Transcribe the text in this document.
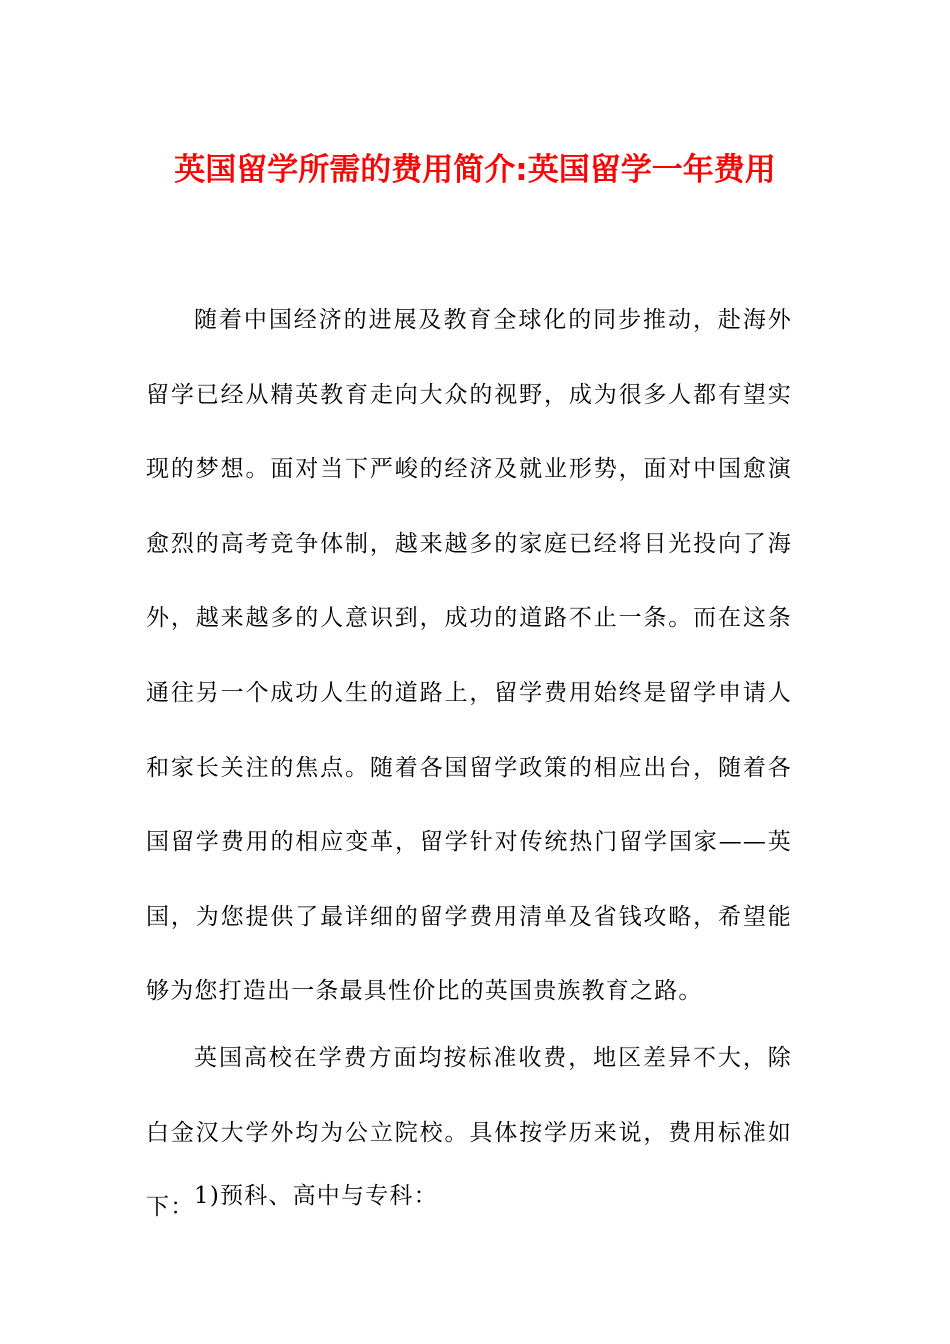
英国留学所需的费用简介:英国留学一年费用

随着中国经济的进展及教育全球化的同步推动，赴海外留学已经从精英教育走向大众的视野，成为很多人都有望实现的梦想。面对当下严峻的经济及就业形势，面对中国愈演愈烈的高考竞争体制，越来越多的家庭已经将目光投向了海外，越来越多的人意识到，成功的道路不止一条。而在这条通往另一个成功人生的道路上，留学费用始终是留学申请人和家长关注的焦点。随着各国留学政策的相应出台，随着各国留学费用的相应变革，留学针对传统热门留学国家——英国，为您提供了最详细的留学费用清单及省钱攻略，希望能够为您打造出一条最具性价比的英国贵族教育之路。

英国高校在学费方面均按标准收费，地区差异不大，除白金汉大学外均为公立院校。具体按学历来说，费用标准如下： 1)预科、高中与专科：
